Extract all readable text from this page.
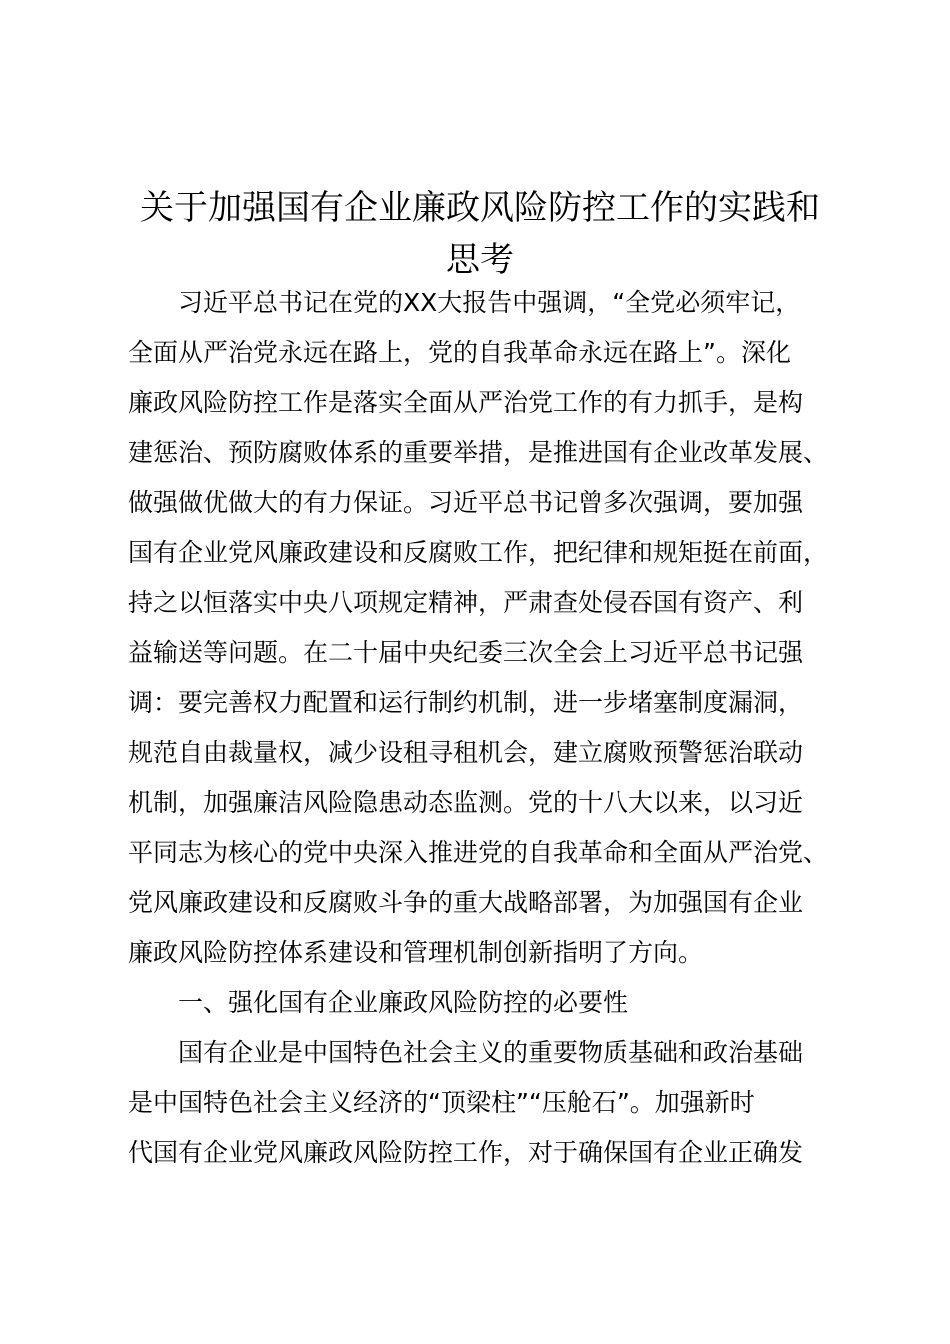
关于加强国有企业廉政风险防控工作的实践和
思考
习近平总书记在党的XX大报告中强调，“全党必须牢记，
全面从严治党永远在路上，党的自我革命永远在路上”。深化
廉政风险防控工作是落实全面从严治党工作的有力抓手，是构
建惩治、预防腐败体系的重要举措，是推进国有企业改革发展、
做强做优做大的有力保证。习近平总书记曾多次强调，要加强
国有企业党风廉政建设和反腐败工作，把纪律和规矩挺在前面，
持之以恒落实中央八项规定精神，严肃查处侵吞国有资产、利
益输送等问题。在二十届中央纪委三次全会上习近平总书记强
调：要完善权力配置和运行制约机制，进一步堵塞制度漏洞，
规范自由裁量权，减少设租寻租机会，建立腐败预警惩治联动
机制，加强廉洁风险隐患动态监测。党的十八大以来，以习近
平同志为核心的党中央深入推进党的自我革命和全面从严治党、
党风廉政建设和反腐败斗争的重大战略部署，为加强国有企业
廉政风险防控体系建设和管理机制创新指明了方向。
一、强化国有企业廉政风险防控的必要性
国有企业是中国特色社会主义的重要物质基础和政治基础
是中国特色社会主义经济的“顶梁柱”“压舱石”。加强新时
代国有企业党风廉政风险防控工作，对于确保国有企业正确发
